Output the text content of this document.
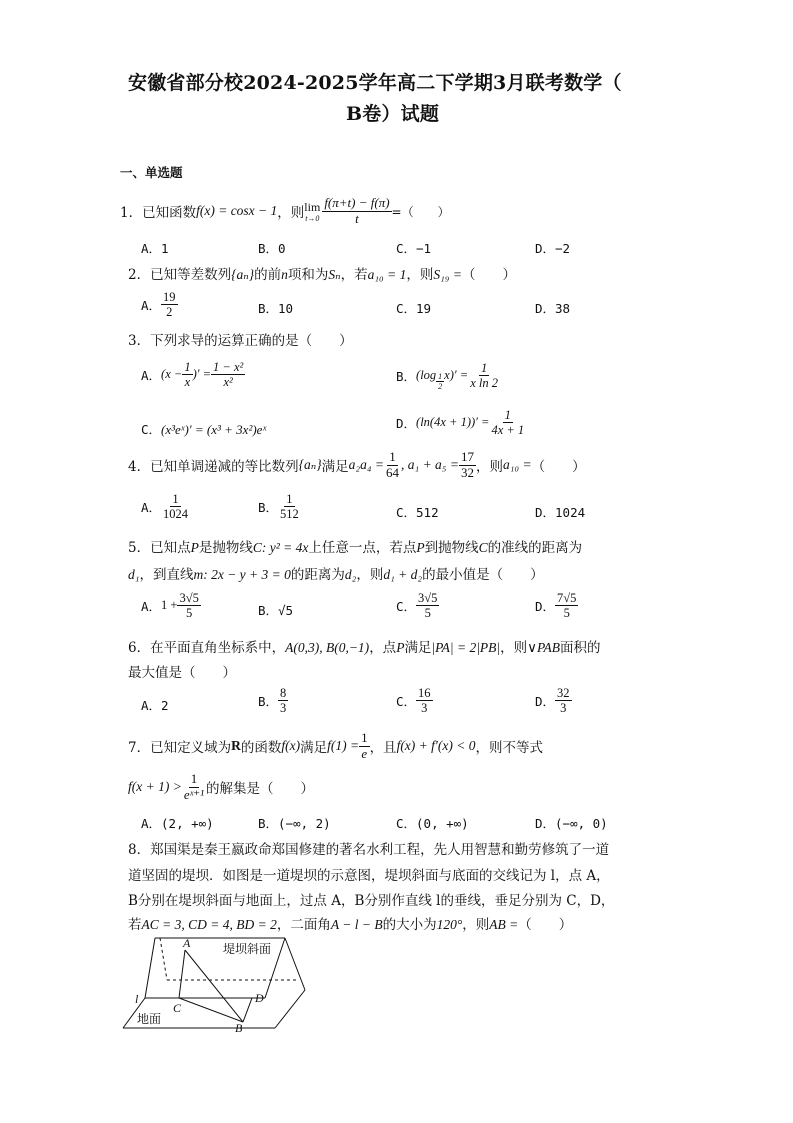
安徽省部分校2024-2025学年高二下学期3月联考数学（
B卷）试题
一、单选题
1．已知函数 f(x) = cosx − 1 ，则 lim
$t\to 0 \frac{f(\pi+t) - f(\pi)}{t}$ =（　　）
A．1	B．0	C．−1	D．−2
2．已知等差数列{aₙ}的前n项和为Sₙ，若a₁₀ = 1，则S₁₉ =（　　）
A． $\frac{19}{2}$	B．10	C．19	D．38
3．下列求导的运算正确的是（　　）
A． ($x - \frac{1}{x}$ )′ = $\frac{\text{1 − x²}}{\text{x²}}$	B． $(\log \frac{1}{2} x)' = \frac{1}{\text{x ln 2}}$
C．(x³eˣ)′ = (x³ + 3x²)eˣ	D． $(\ln(4x + 1))' = \frac{1}{4x + 1}$
4．已知单调递减的等比数列 {aₙ} 满足 $a_2a_4 = \frac{1}{64}$ , $a_1 + a_5 = \frac{17}{32}$ ，则 a₁₀ = （　　）
A． $\frac{1}{1024}$	B． $\frac{1}{512}$	C．512	D．1024
5．已知点P是抛物线C: y² = 4x上任意一点，若点P到抛物线C的准线的距离为
d₁，到直线m: 2x − y + 3 = 0的距离为d₂，则d₁ + d₂的最小值是（　　）
A． $1 + \frac{3√5}{5}$	B．√5	C． $\frac{3√5}{5}$	D． $\frac{7√5}{5}$
6．在平面直角坐标系中，A(0,3), B(0,−1)，点P满足|PA| = 2|PB|，则∨PAB面积的
最大值是（　　）
A．2	B． $\frac{8}{3}$	C． $\frac{16}{3}$	D． $\frac{32}{3}$
7．已知定义域为 R 的函数 f(x) 满足 $f(1) = \frac{1}{e}$ ，且 f(x) + f′(x) < 0 ，则不等式
$f(x + 1) > \frac{1}{\text{eˣ⁺¹}}$ 的解集是（　　）
A．(2, +∞)	B．(−∞, 2)	C．(0, +∞)	D．(−∞, 0)
8．郑国渠是秦王嬴政命郑国修建的著名水利工程，先人用智慧和勤劳修筑了一道
道坚固的堤坝．如图是一道堤坝的示意图，堤坝斜面与底面的交线记为 l，点 A，
B分别在堤坝斜面与地面上，过点 A，B分别作直线 l的垂线，垂足分别为 C，D，
若AC = 3, CD = 4, BD = 2，二面角A − l − B的大小为120°，则AB =（　　）
A
C
B
D
l
堤坝斜面
地面
